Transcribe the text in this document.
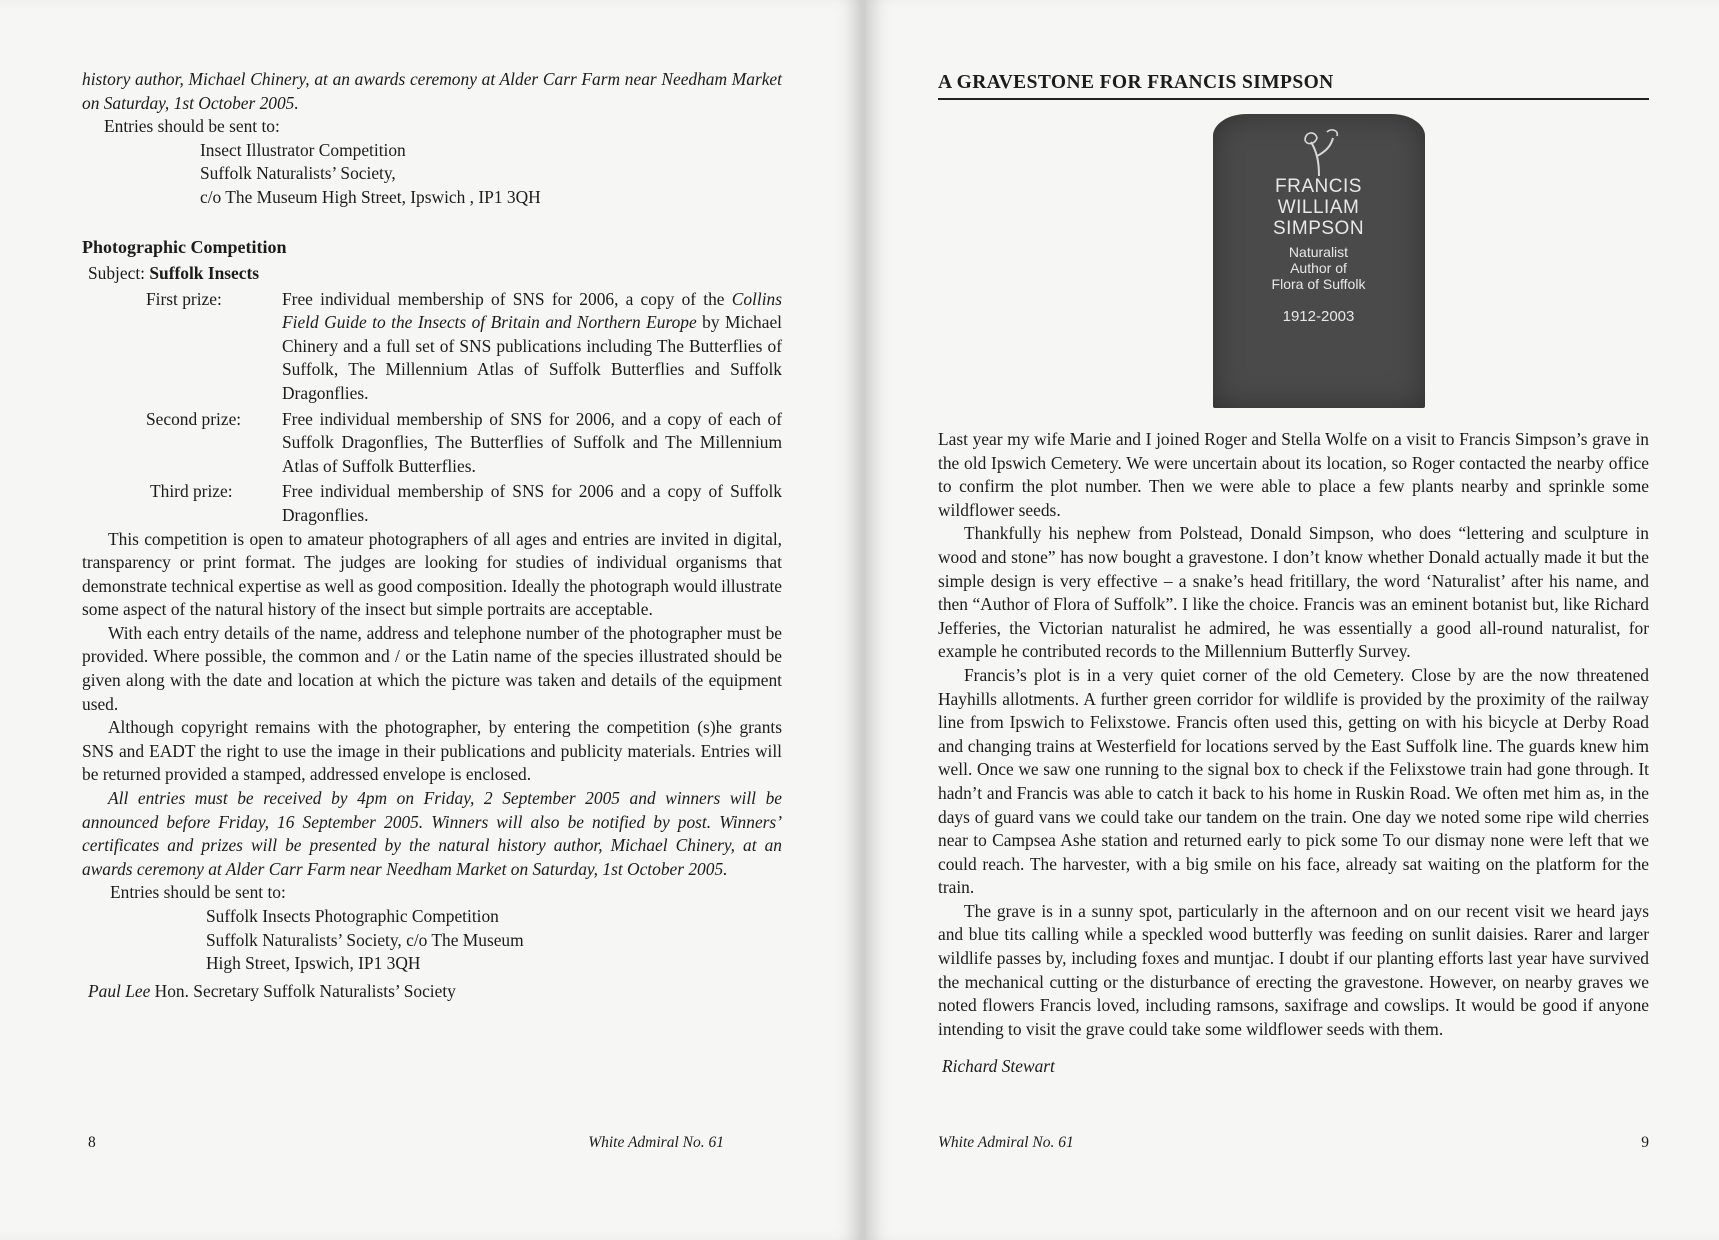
history author, Michael Chinery, at an awards ceremony at Alder Carr Farm near Needham Market on Saturday, 1st October 2005.

Entries should be sent to:

Insect Illustrator Competition

Suffolk Naturalists’ Society,

c/o The Museum High Street, Ipswich , IP1 3QH

Photographic Competition
Subject: Suffolk Insects

First prize:	Free individual membership of SNS for 2006, a copy of the Collins Field Guide to the Insects of Britain and Northern Europe by Michael Chinery and a full set of SNS publications including The Butterflies of Suffolk, The Millennium Atlas of Suffolk Butterflies and Suffolk Dragonflies.

Second prize:	Free individual membership of SNS for 2006, and a copy of each of Suffolk Dragonflies, The Butterflies of Suffolk and The Millennium Atlas of Suffolk Butterflies.

Third prize:	Free individual membership of SNS for 2006 and a copy of Suffolk Dragonflies.

This competition is open to amateur photographers of all ages and entries are invited in digital, transparency or print format. The judges are looking for studies of individual organisms that demonstrate technical expertise as well as good composition. Ideally the photograph would illustrate some aspect of the natural history of the insect but simple portraits are acceptable.

With each entry details of the name, address and telephone number of the photographer must be provided. Where possible, the common and / or the Latin name of the species illustrated should be given along with the date and location at which the picture was taken and details of the equipment used.

Although copyright remains with the photographer, by entering the competition (s)he grants SNS and EADT the right to use the image in their publications and publicity materials. Entries will be returned provided a stamped, addressed envelope is enclosed.

All entries must be received by 4pm on Friday, 2 September 2005 and winners will be announced before Friday, 16 September 2005. Winners will also be notified by post. Winners’ certificates and prizes will be presented by the natural history author, Michael Chinery, at an awards ceremony at Alder Carr Farm near Needham Market on Saturday, 1st October 2005.

Entries should be sent to:

Suffolk Insects Photographic Competition

Suffolk Naturalists’ Society, c/o The Museum

High Street, Ipswich, IP1 3QH

Paul Lee Hon. Secretary Suffolk Naturalists’ Society

8	White Admiral No. 61
A GRAVESTONE FOR FRANCIS SIMPSON
FRANCIS
WILLIAM
SIMPSON
Naturalist
Author of
Flora of Suffolk
1912-2003

Last year my wife Marie and I joined Roger and Stella Wolfe on a visit to Francis Simpson’s grave in the old Ipswich Cemetery. We were uncertain about its location, so Roger contacted the nearby office to confirm the plot number. Then we were able to place a few plants nearby and sprinkle some wildflower seeds.

Thankfully his nephew from Polstead, Donald Simpson, who does “lettering and sculpture in wood and stone” has now bought a gravestone. I don’t know whether Donald actually made it but the simple design is very effective – a snake’s head fritillary, the word ‘Naturalist’ after his name, and then “Author of Flora of Suffolk”. I like the choice. Francis was an eminent botanist but, like Richard Jefferies, the Victorian naturalist he admired, he was essentially a good all-round naturalist, for example he contributed records to the Millennium Butterfly Survey.

Francis’s plot is in a very quiet corner of the old Cemetery. Close by are the now threatened Hayhills allotments. A further green corridor for wildlife is provided by the proximity of the railway line from Ipswich to Felixstowe. Francis often used this, getting on with his bicycle at Derby Road and changing trains at Westerfield for locations served by the East Suffolk line. The guards knew him well. Once we saw one running to the signal box to check if the Felixstowe train had gone through. It hadn’t and Francis was able to catch it back to his home in Ruskin Road. We often met him as, in the days of guard vans we could take our tandem on the train. One day we noted some ripe wild cherries near to Campsea Ashe station and returned early to pick some To our dismay none were left that we could reach. The harvester, with a big smile on his face, already sat waiting on the platform for the train.

The grave is in a sunny spot, particularly in the afternoon and on our recent visit we heard jays and blue tits calling while a speckled wood butterfly was feeding on sunlit daisies. Rarer and larger wildlife passes by, including foxes and muntjac. I doubt if our planting efforts last year have survived the mechanical cutting or the disturbance of erecting the gravestone. However, on nearby graves we noted flowers Francis loved, including ramsons, saxifrage and cowslips. It would be good if anyone intending to visit the grave could take some wildflower seeds with them.

Richard Stewart

White Admiral No. 61	9
